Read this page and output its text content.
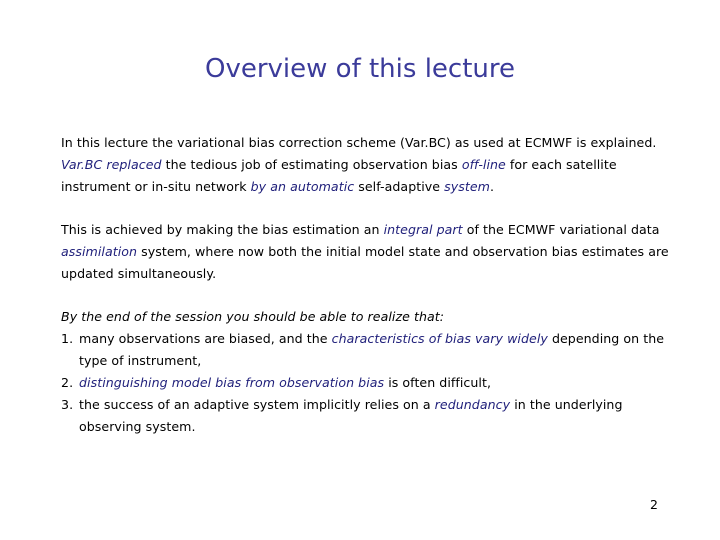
Overview of this lecture

In this lecture the variational bias correction scheme (Var.BC) as used at ECMWF is explained. Var.BC replaced the tedious job of estimating observation bias off-line for each satellite instrument or in-situ network by an automatic self-adaptive system.

This is achieved by making the bias estimation an integral part of the ECMWF variational data assimilation system, where now both the initial model state and observation bias estimates are updated simultaneously.

By the end of the session you should be able to realize that:

1. many observations are biased, and the characteristics of bias vary widely depending on the type of instrument,
2. distinguishing model bias from observation bias is often difficult,
3. the success of an adaptive system implicitly relies on a redundancy in the underlying observing system.
2
